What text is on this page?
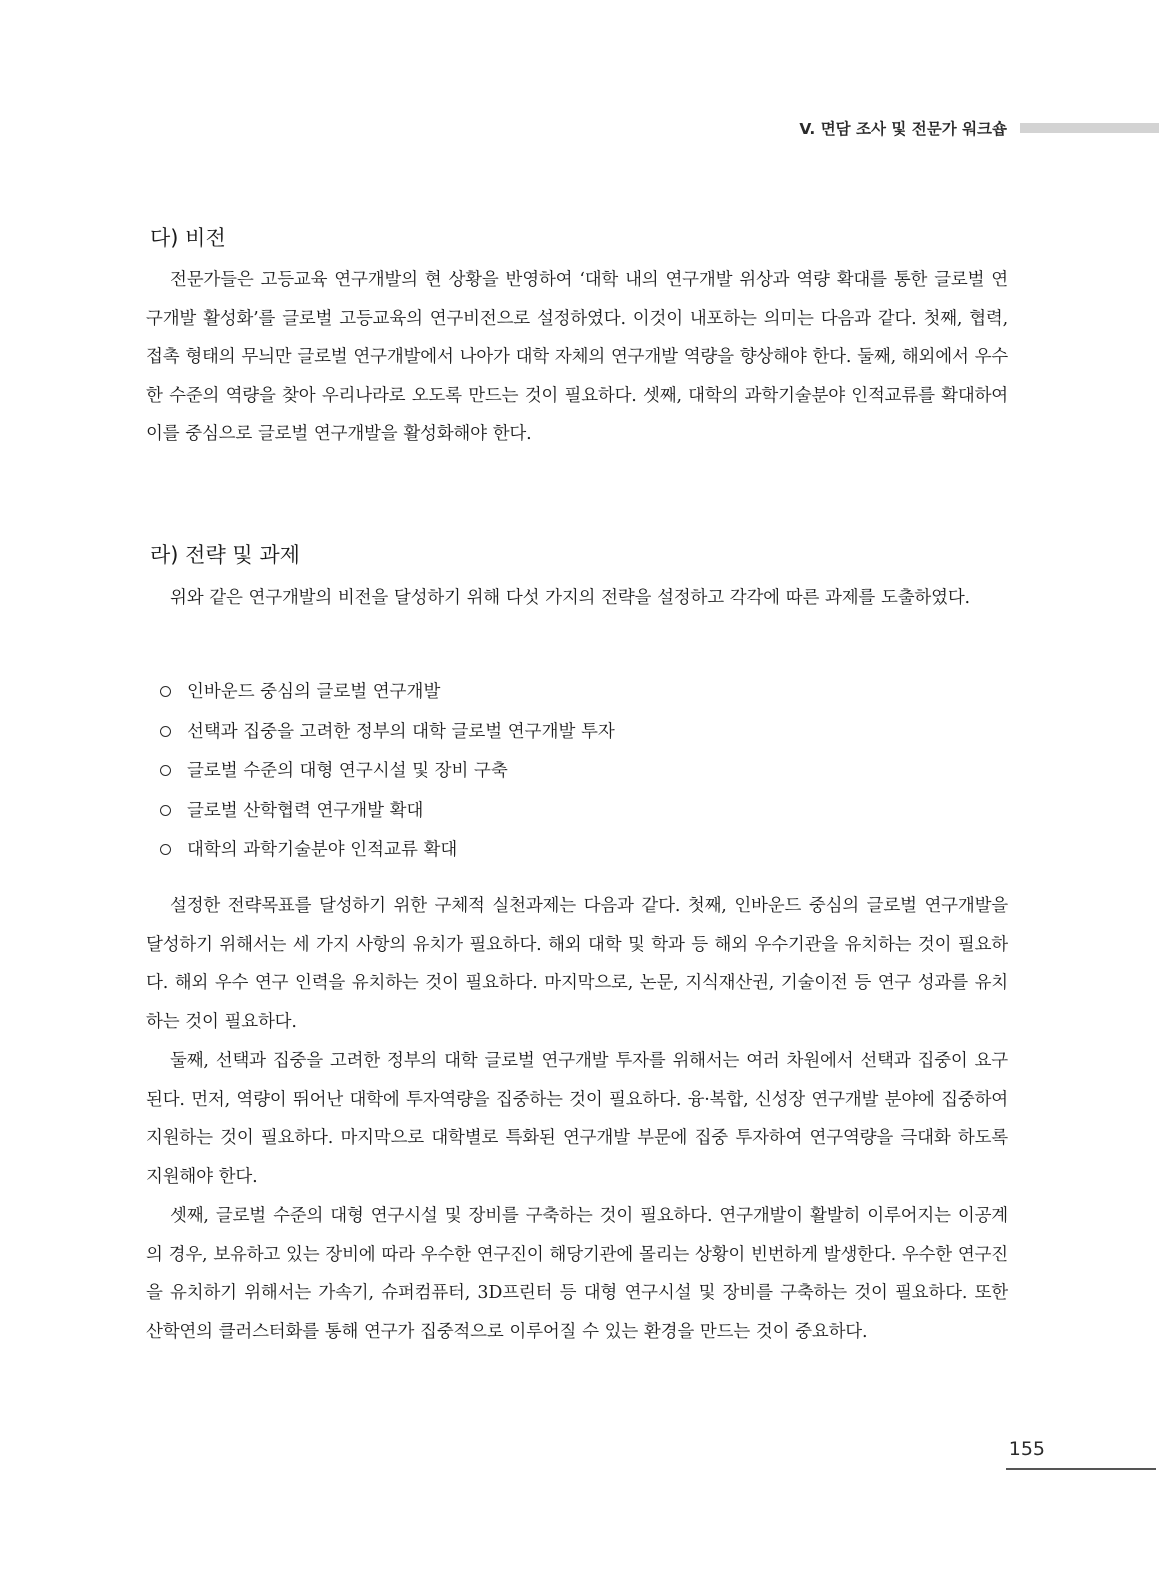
V. 면담 조사 및 전문가 워크숍
다) 비전

전문가들은 고등교육 연구개발의 현 상황을 반영하여 ‘대학 내의 연구개발 위상과 역량 확대를 통한 글로벌 연구개발 활성화’를 글로벌 고등교육의 연구비전으로 설정하였다. 이것이 내포하는 의미는 다음과 같다. 첫째, 협력, 접촉 형태의 무늬만 글로벌 연구개발에서 나아가 대학 자체의 연구개발 역량을 향상해야 한다. 둘째, 해외에서 우수한 수준의 역량을 찾아 우리나라로 오도록 만드는 것이 필요하다. 셋째, 대학의 과학기술분야 인적교류를 확대하여 이를 중심으로 글로벌 연구개발을 활성화해야 한다.

라) 전략 및 과제

위와 같은 연구개발의 비전을 달성하기 위해 다섯 가지의 전략을 설정하고 각각에 따른 과제를 도출하였다.

인바운드 중심의 글로벌 연구개발
선택과 집중을 고려한 정부의 대학 글로벌 연구개발 투자
글로벌 수준의 대형 연구시설 및 장비 구축
글로벌 산학협력 연구개발 확대
대학의 과학기술분야 인적교류 확대

설정한 전략목표를 달성하기 위한 구체적 실천과제는 다음과 같다. 첫째, 인바운드 중심의 글로벌 연구개발을 달성하기 위해서는 세 가지 사항의 유치가 필요하다. 해외 대학 및 학과 등 해외 우수기관을 유치하는 것이 필요하다. 해외 우수 연구 인력을 유치하는 것이 필요하다. 마지막으로, 논문, 지식재산권, 기술이전 등 연구 성과를 유치하는 것이 필요하다.

둘째, 선택과 집중을 고려한 정부의 대학 글로벌 연구개발 투자를 위해서는 여러 차원에서 선택과 집중이 요구된다. 먼저, 역량이 뛰어난 대학에 투자역량을 집중하는 것이 필요하다. 융·복합, 신성장 연구개발 분야에 집중하여 지원하는 것이 필요하다. 마지막으로 대학별로 특화된 연구개발 부문에 집중 투자하여 연구역량을 극대화 하도록 지원해야 한다.

셋째, 글로벌 수준의 대형 연구시설 및 장비를 구축하는 것이 필요하다. 연구개발이 활발히 이루어지는 이공계의 경우, 보유하고 있는 장비에 따라 우수한 연구진이 해당기관에 몰리는 상황이 빈번하게 발생한다. 우수한 연구진을 유치하기 위해서는 가속기, 슈퍼컴퓨터, 3D프린터 등 대형 연구시설 및 장비를 구축하는 것이 필요하다. 또한 산학연의 클러스터화를 통해 연구가 집중적으로 이루어질 수 있는 환경을 만드는 것이 중요하다.

155
